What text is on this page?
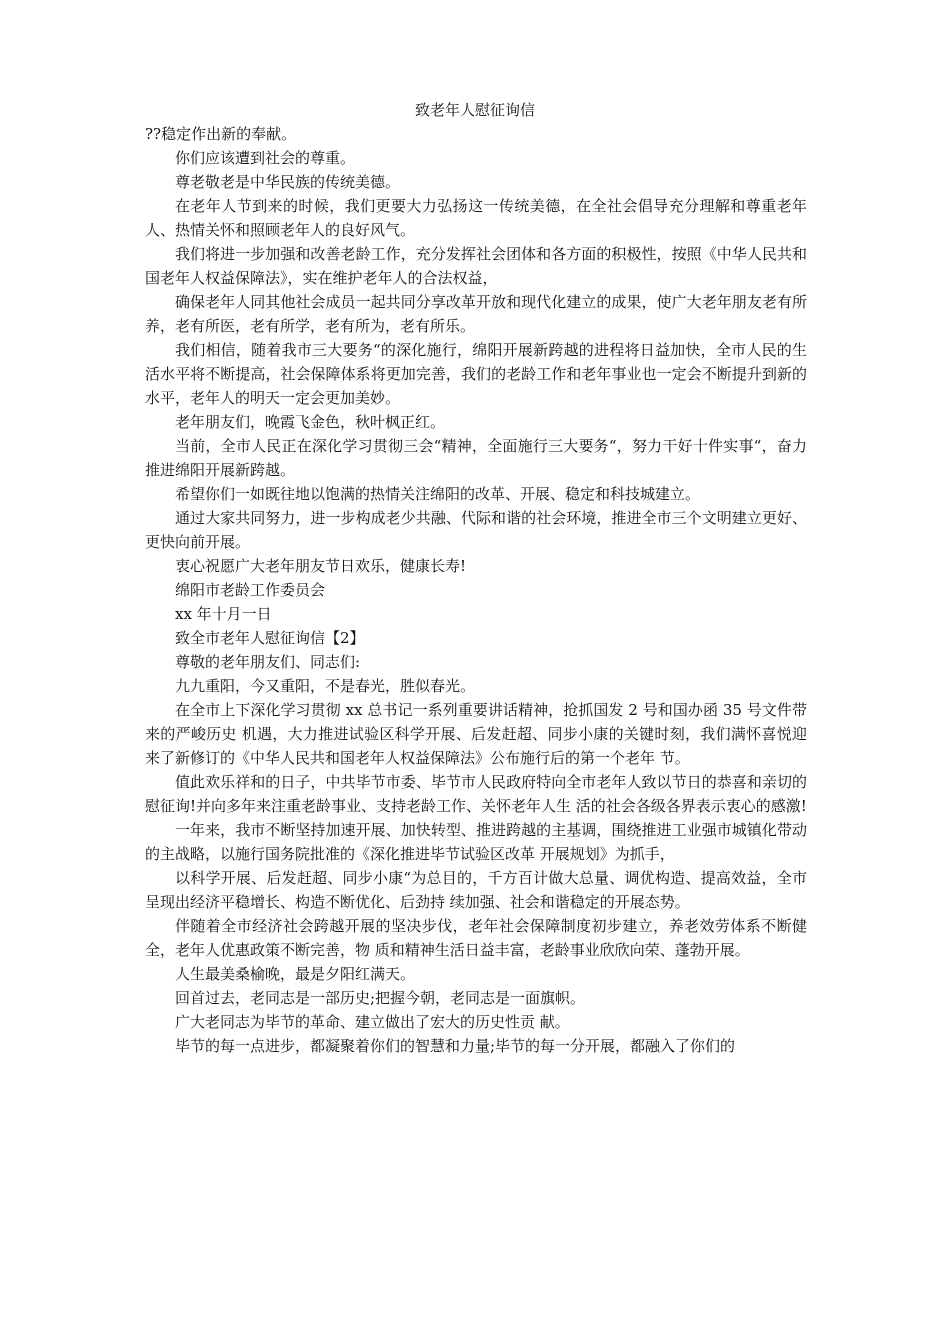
致老年人慰征询信

??稳定作出新的奉献。

你们应该遭到社会的尊重。

尊老敬老是中华民族的传统美德。

在老年人节到来的时候，我们更要大力弘扬这一传统美德，在全社会倡导充分理解和尊重老年人、热情关怀和照顾老年人的良好风气。

我们将进一步加强和改善老龄工作，充分发挥社会团体和各方面的积极性，按照《中华人民共和国老年人权益保障法》，实在维护老年人的合法权益，

确保老年人同其他社会成员一起共同分享改革开放和现代化建立的成果，使广大老年朋友老有所养，老有所医，老有所学，老有所为，老有所乐。

我们相信，随着我市三大要务“的深化施行，绵阳开展新跨越的进程将日益加快，全市人民的生活水平将不断提高，社会保障体系将更加完善，我们的老龄工作和老年事业也一定会不断提升到新的水平，老年人的明天一定会更加美妙。

老年朋友们，晚霞飞金色，秋叶枫正红。

当前，全市人民正在深化学习贯彻三会“精神，全面施行三大要务“，努力干好十件实事“，奋力推进绵阳开展新跨越。

希望你们一如既往地以饱满的热情关注绵阳的改革、开展、稳定和科技城建立。

通过大家共同努力，进一步构成老少共融、代际和谐的社会环境，推进全市三个文明建立更好、更快向前开展。

衷心祝愿广大老年朋友节日欢乐，健康长寿!

绵阳市老龄工作委员会

xx 年十月一日

致全市老年人慰征询信【2】

尊敬的老年朋友们、同志们:

九九重阳，今又重阳，不是春光，胜似春光。

在全市上下深化学习贯彻 xx 总书记一系列重要讲话精神，抢抓国发 2 号和国办函 35 号文件带来的严峻历史 机遇，大力推进试验区科学开展、后发赶超、同步小康的关键时刻，我们满怀喜悦迎来了新修订的《中华人民共和国老年人权益保障法》公布施行后的第一个老年 节。

值此欢乐祥和的日子，中共毕节市委、毕节市人民政府特向全市老年人致以节日的恭喜和亲切的慰征询!并向多年来注重老龄事业、支持老龄工作、关怀老年人生 活的社会各级各界表示衷心的感激!

一年来，我市不断坚持加速开展、加快转型、推进跨越的主基调，围绕推进工业强市城镇化带动的主战略，以施行国务院批准的《深化推进毕节试验区改革 开展规划》为抓手，

以科学开展、后发赶超、同步小康“为总目的，千方百计做大总量、调优构造、提高效益，全市呈现出经济平稳增长、构造不断优化、后劲持 续加强、社会和谐稳定的开展态势。

伴随着全市经济社会跨越开展的坚决步伐，老年社会保障制度初步建立，养老效劳体系不断健全，老年人优惠政策不断完善，物 质和精神生活日益丰富，老龄事业欣欣向荣、蓬勃开展。

人生最美桑榆晚，最是夕阳红满天。

回首过去，老同志是一部历史;把握今朝，老同志是一面旗帜。

广大老同志为毕节的革命、建立做出了宏大的历史性贡 献。

毕节的每一点进步，都凝聚着你们的智慧和力量;毕节的每一分开展，都融入了你们的
